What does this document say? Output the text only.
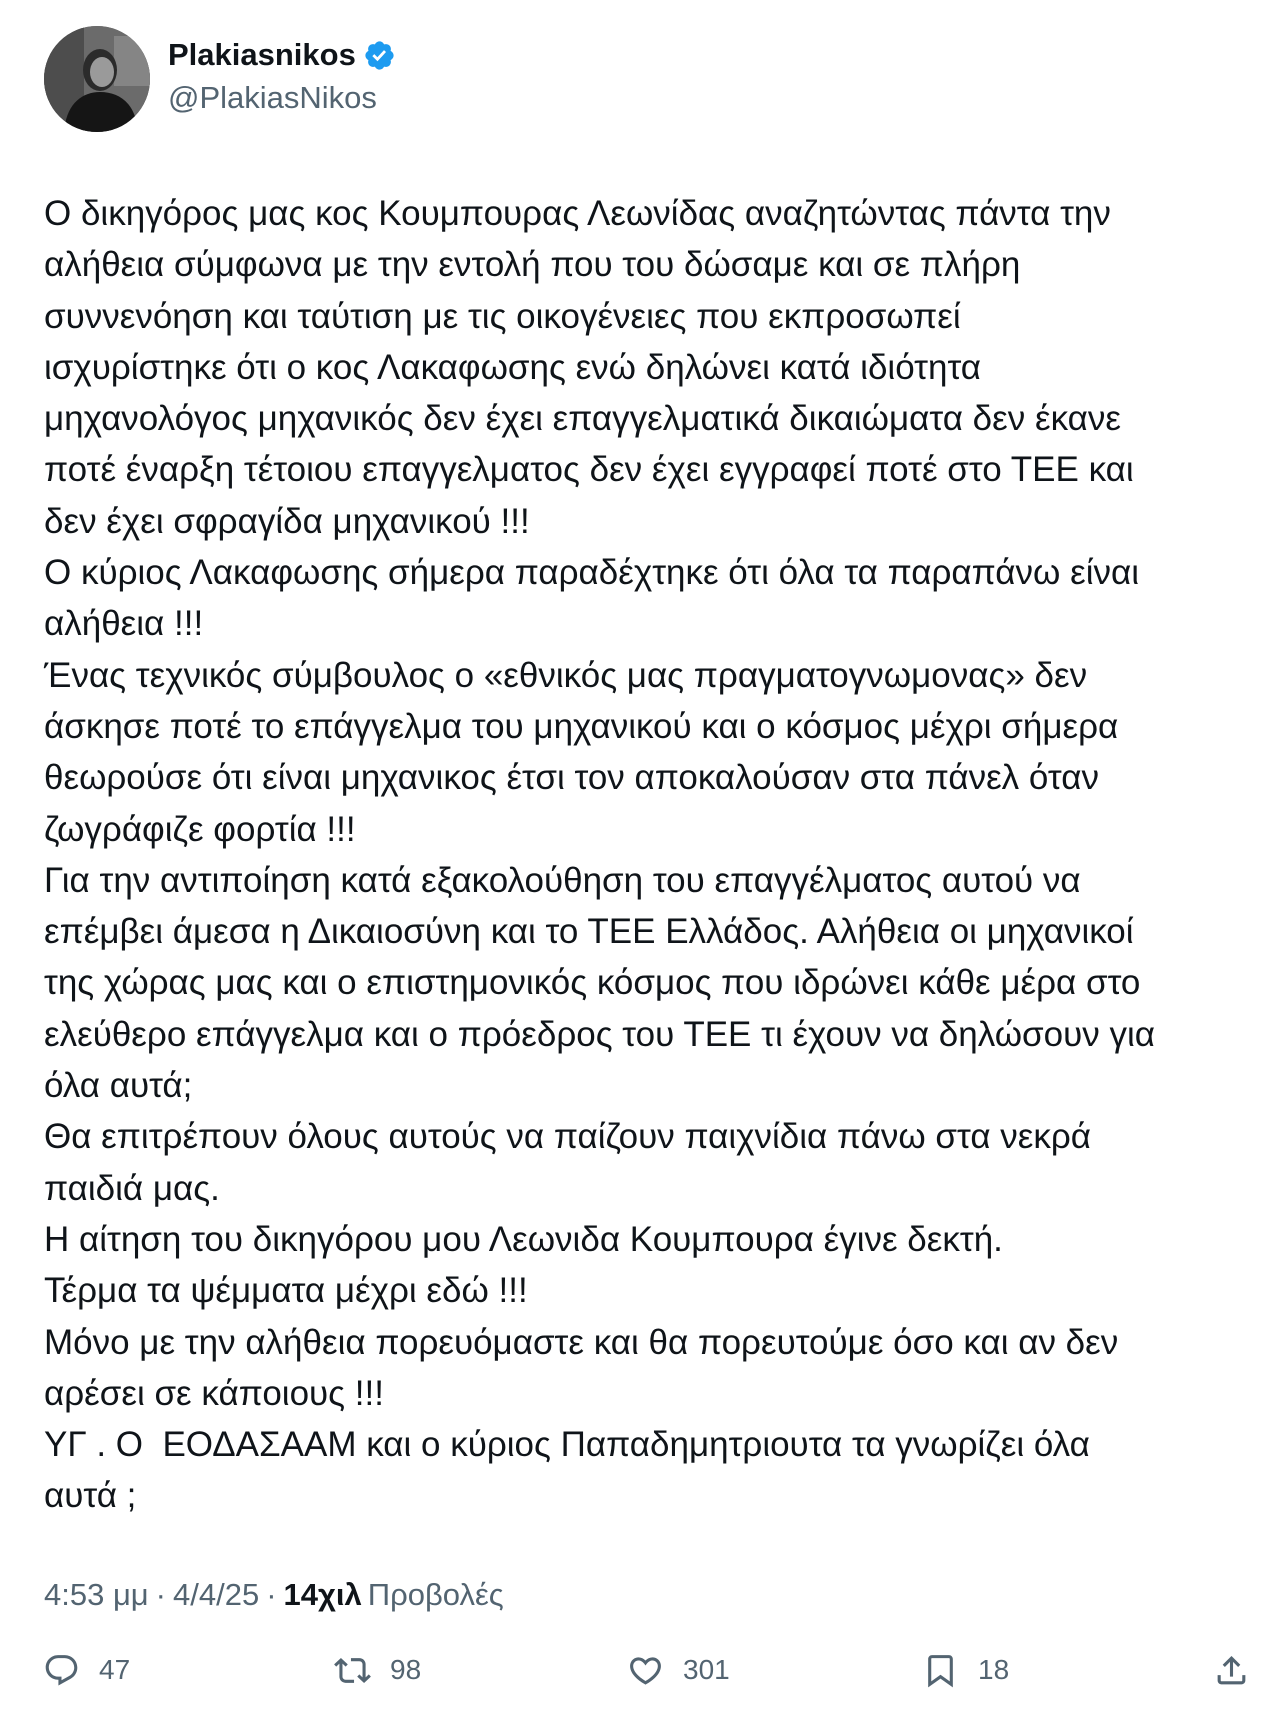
Plakiasnikos
@PlakiasNikos
Ο δικηγόρος μας κος Κουμπουρας Λεωνίδας αναζητώντας πάντα την
αλήθεια σύμφωνα με την εντολή που του δώσαμε και σε πλήρη
συννενόηση και ταύτιση με τις οικογένειες που εκπροσωπεί
ισχυρίστηκε ότι ο κος Λακαφωσης ενώ δηλώνει κατά ιδιότητα
μηχανολόγος μηχανικός δεν έχει επαγγελματικά δικαιώματα δεν έκανε
ποτέ έναρξη τέτοιου επαγγελματος δεν έχει εγγραφεί ποτέ στο ΤΕΕ και
δεν έχει σφραγίδα μηχανικού !!!
Ο κύριος Λακαφωσης σήμερα παραδέχτηκε ότι όλα τα παραπάνω είναι
αλήθεια !!!
Ένας τεχνικός σύμβουλος ο «εθνικός μας πραγματογνωμονας» δεν
άσκησε ποτέ το επάγγελμα του μηχανικού και ο κόσμος μέχρι σήμερα
θεωρούσε ότι είναι μηχανικος έτσι τον αποκαλούσαν στα πάνελ όταν
ζωγράφιζε φορτία !!!
Για την αντιποίηση κατά εξακολούθηση του επαγγέλματος αυτού να
επέμβει άμεσα η Δικαιοσύνη και το ΤΕΕ Ελλάδος. Αλήθεια οι μηχανικοί
της χώρας μας και ο επιστημονικός κόσμος που ιδρώνει κάθε μέρα στο
ελεύθερο επάγγελμα και ο πρόεδρος του ΤΕΕ τι έχουν να δηλώσουν για
όλα αυτά;
Θα επιτρέπουν όλους αυτούς να παίζουν παιχνίδια πάνω στα νεκρά
παιδιά μας.
Η αίτηση του δικηγόρου μου Λεωνιδα Κουμπουρα έγινε δεκτή.
Τέρμα τα ψέμματα μέχρι εδώ !!!
Μόνο με την αλήθεια πορευόμαστε και θα πορευτούμε όσο και αν δεν
αρέσει σε κάποιους !!!
ΥΓ . Ο  ΕΟΔΑΣΑΑΜ και ο κύριος Παπαδημητριουτα τα γνωρίζει όλα
αυτά ;
4:53 μμ · 4/4/25 · 14χιλ Προβολές
47	98	301	18
